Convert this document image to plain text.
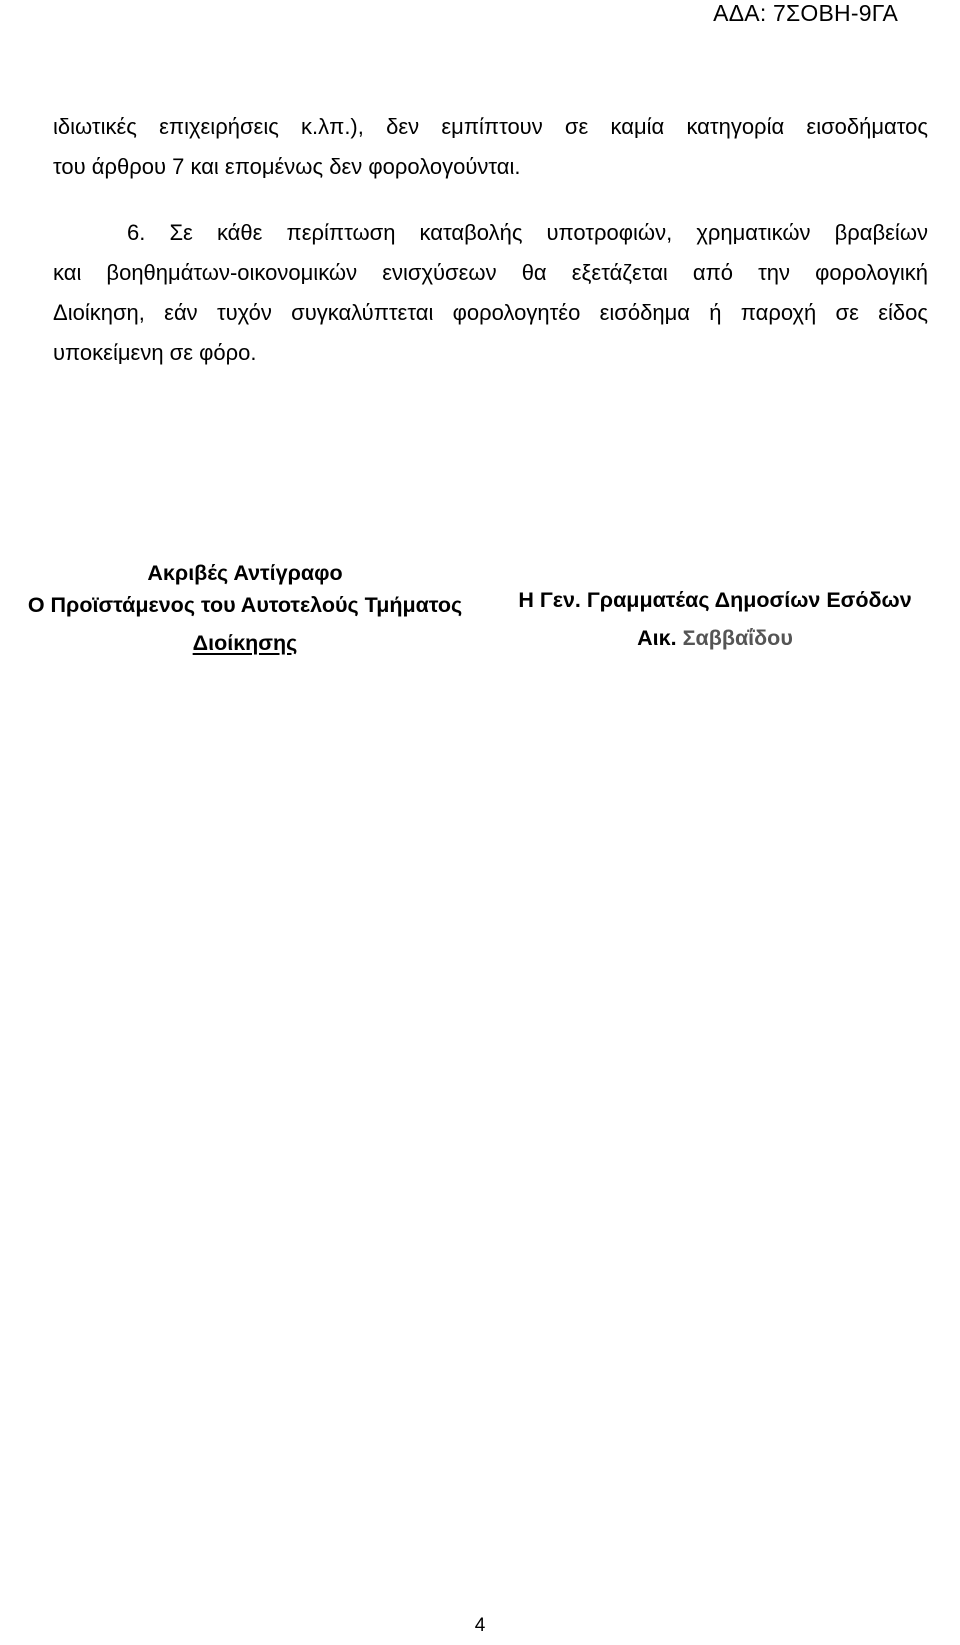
ΑΔΑ: 7ΣΟΒΗ-9ΓΑ

ιδιωτικές επιχειρήσεις κ.λπ.), δεν εμπίπτουν σε καμία κατηγορία εισοδήματος
του άρθρου 7 και επομένως δεν φορολογούνται.

6. Σε κάθε περίπτωση καταβολής υποτροφιών, χρηματικών βραβείων
και βοηθημάτων-οικονομικών ενισχύσεων θα εξετάζεται από την φορολογική
Διοίκηση, εάν τυχόν συγκαλύπτεται φορολογητέο εισόδημα ή παροχή σε είδος
υποκείμενη σε φόρο.

Ακριβές Αντίγραφο
Ο Προϊστάμενος του Αυτοτελούς Τμήματος
Διοίκησης
Η Γεν. Γραμματέας Δημοσίων Εσόδων
Αικ. Σαββαΐδου
4
